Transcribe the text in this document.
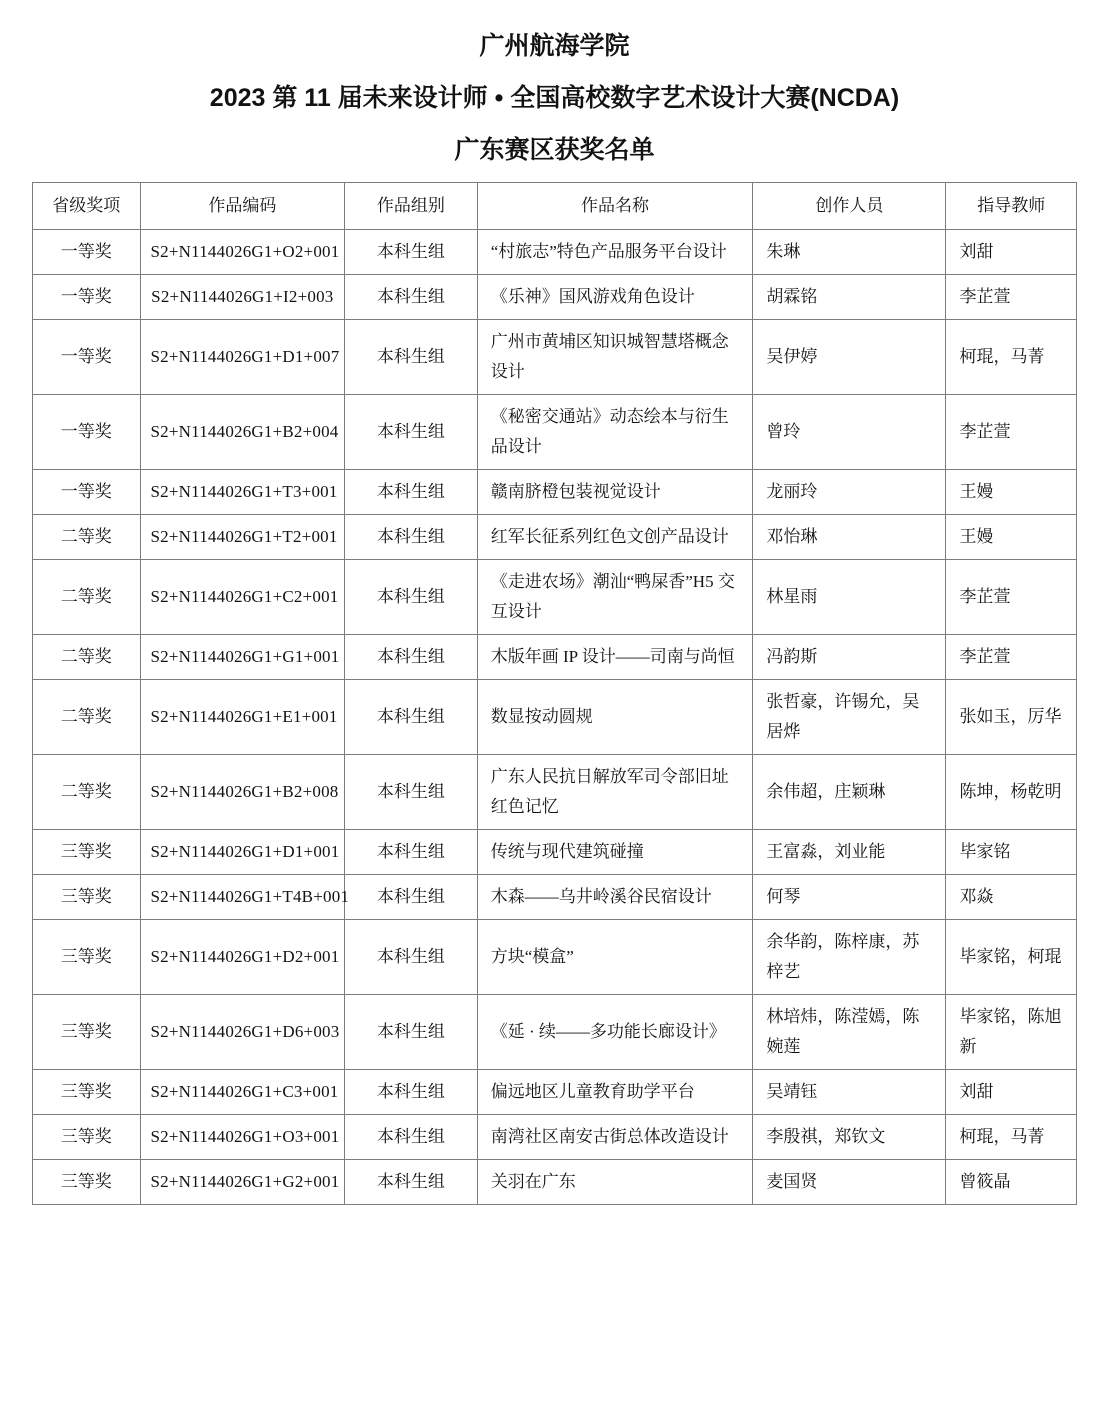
广州航海学院
2023 第 11 届未来设计师 • 全国高校数字艺术设计大赛(NCDA)
广东赛区获奖名单
省级奖项	作品编码	作品组别	作品名称	创作人员	指导教师
一等奖	S2+N1144026G1+O2+001	本科生组	“村旅志”特色产品服务平台设计	朱琳	刘甜
一等奖	S2+N1144026G1+I2+003	本科生组	《乐神》国风游戏角色设计	胡霖铭	李芷萱
一等奖	S2+N1144026G1+D1+007	本科生组	广州市黄埔区知识城智慧塔概念设计	吴伊婷	柯琨，马菁
一等奖	S2+N1144026G1+B2+004	本科生组	《秘密交通站》动态绘本与衍生品设计	曾玲	李芷萱
一等奖	S2+N1144026G1+T3+001	本科生组	赣南脐橙包装视觉设计	龙丽玲	王嫚
二等奖	S2+N1144026G1+T2+001	本科生组	红军长征系列红色文创产品设计	邓怡琳	王嫚
二等奖	S2+N1144026G1+C2+001	本科生组	《走进农场》潮汕“鸭屎香”H5 交互设计	林星雨	李芷萱
二等奖	S2+N1144026G1+G1+001	本科生组	木版年画 IP 设计——司南与尚恒	冯韵斯	李芷萱
二等奖	S2+N1144026G1+E1+001	本科生组	数显按动圆规	张哲豪，许锡允，吴居烨	张如玉，厉华
二等奖	S2+N1144026G1+B2+008	本科生组	广东人民抗日解放军司令部旧址红色记忆	余伟超，庄颖琳	陈坤，杨乾明
三等奖	S2+N1144026G1+D1+001	本科生组	传统与现代建筑碰撞	王富淼，刘业能	毕家铭
三等奖	S2+N1144026G1+T4B+001	本科生组	木森——乌井岭溪谷民宿设计	何琴	邓焱
三等奖	S2+N1144026G1+D2+001	本科生组	方块“模盒”	余华韵，陈梓康，苏梓艺	毕家铭，柯琨
三等奖	S2+N1144026G1+D6+003	本科生组	《延 · 续——多功能长廊设计》	林培炜，陈滢嫣，陈婉莲	毕家铭，陈旭新
三等奖	S2+N1144026G1+C3+001	本科生组	偏远地区儿童教育助学平台	吴靖钰	刘甜
三等奖	S2+N1144026G1+O3+001	本科生组	南湾社区南安古街总体改造设计	李殷祺，郑钦文	柯琨，马菁
三等奖	S2+N1144026G1+G2+001	本科生组	关羽在广东	麦国贤	曾筱晶
